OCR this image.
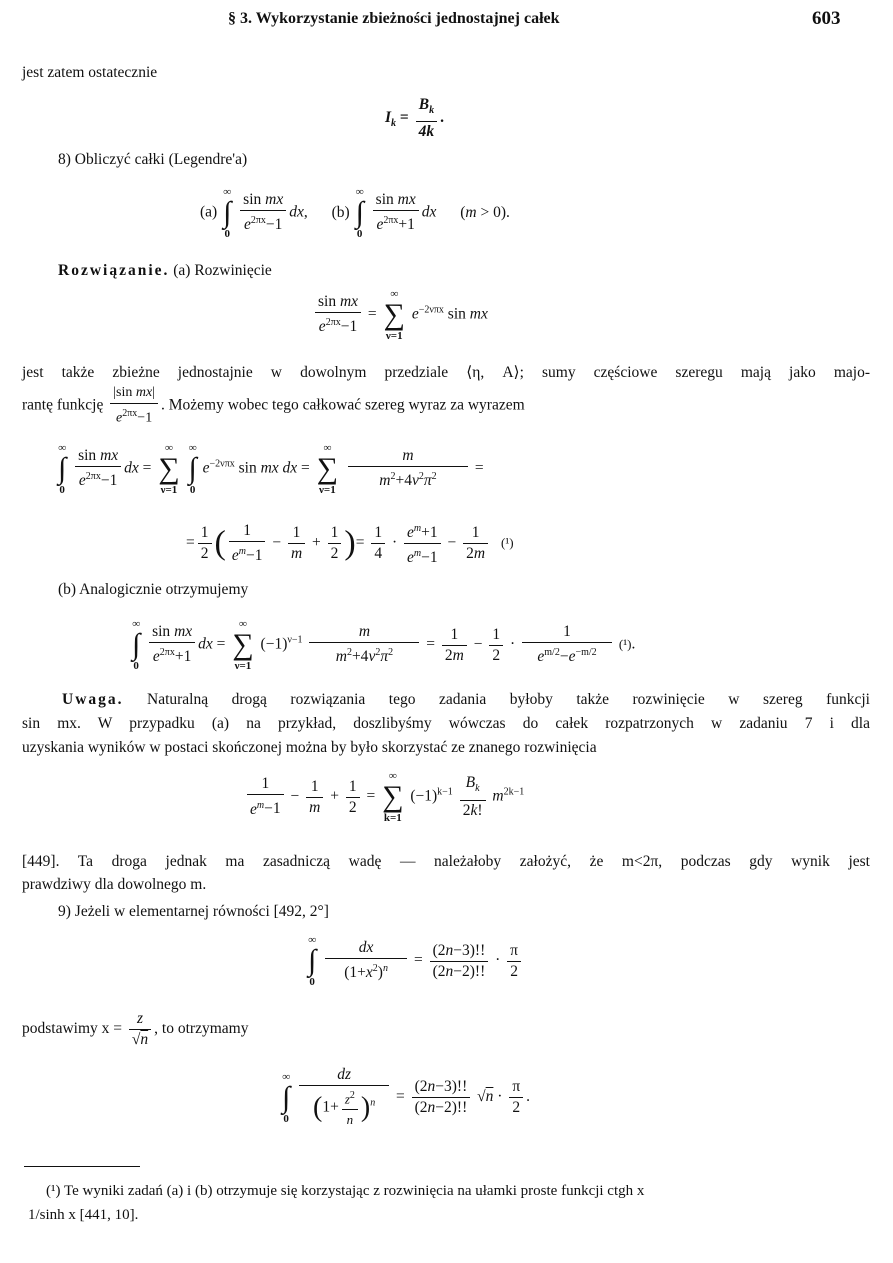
§ 3. Wykorzystanie zbieżności jednostajnej całek	603
jest zatem ostatecznie
$I_k = \frac{B_k}{4k}$ .
8) Obliczyć całki (Legendre'a)
(a)
∞
∫
0
$\frac{\text{sin mx}}{e^{2\pi x}-1}$ dx, (b)
∞
∫
0
$\frac{\text{sin mx}}{e^{2\pi x}+1}$ dx (m > 0).
Rozwiązanie. (a) Rozwinięcie
$\frac{\text{sin mx}}{e^{2\pi x}-1}$ =
∞
∑
ν=1
$e^{-2\nu\pi x}$ sin mx
jest także zbieżne jednostajnie w dowolnym przedziale ⟨η, A⟩; sumy częściowe szeregu mają jako majo-
rantę funkcję $\frac{\text{|sin mx|}}{e^{2\pi x}-1}$ . Możemy wobec tego całkować szereg wyraz za wyrazem
∞
∫
0
$\frac{\text{sin mx}}{e^{2\pi x}-1}$ dx =
∞
∑
ν=1

∞
∫
0
$e^{-2\nu\pi x}$ sin mx dx =
∞
∑
ν=1
$\frac{m}{m^2+4\nu^2\pi^2}$ =
= $\frac{1}{2}$ ( $\frac{1}{e^m-1} - \frac{1}{m} + \frac{1}{2}$ )= $\frac{1}{4} \cdot \frac{e^m+1}{e^m-1} - \frac{1}{2m} (^1)$
(b) Analogicznie otrzymujemy
∞
∫
0
$\frac{\text{sin mx}}{e^{2\pi x}+1}$ dx =
∞
∑
ν=1
$(-1)^{\nu-1} \frac{m}{m^2+4\nu^2\pi^2} = \frac{1}{2m} - \frac{1}{2} \cdot \frac{1}{e^{m/2}-e^{-m/2}} (^1)$.
Uwaga. Naturalną drogą rozwiązania tego zadania byłoby także rozwinięcie w szereg funkcji
sin mx. W przypadku (a) na przykład, doszlibyśmy wówczas do całek rozpatrzonych w zadaniu 7 i dla
uzyskania wyników w postaci skończonej można by było skorzystać ze znanego rozwinięcia
$\frac{1}{e^m-1} - \frac{1}{m} + \frac{1}{2}$ =
∞
∑
k=1
$(-1)^{k-1} \frac{B_k}{2k!} m^{2k-1}$
[449]. Ta droga jednak ma zasadniczą wadę — należałoby założyć, że m<2π, podczas gdy wynik jest
prawdziwy dla dowolnego m.
9) Jeżeli w elementarnej równości [492, 2°]
∞
∫
0
$\frac{dx}{(1+x^2)^n} = \frac{(2n-3)!!}{(2n-2)!!} \cdot \frac{\pi}{2}$
podstawimy $x = \frac{z}{√n}$ , to otrzymamy
∞
∫
0
$\frac{dz}{(1+ \frac{z^2}{n} )^n} = \frac{(2n-3)!!}{(2n-2)!!} √n \cdot \frac{\pi}{2}$ .
(¹) Te wyniki zadań (a) i (b) otrzymuje się korzystając z rozwinięcia na ułamki proste funkcji ctgh x
1/sinh x [441, 10].
